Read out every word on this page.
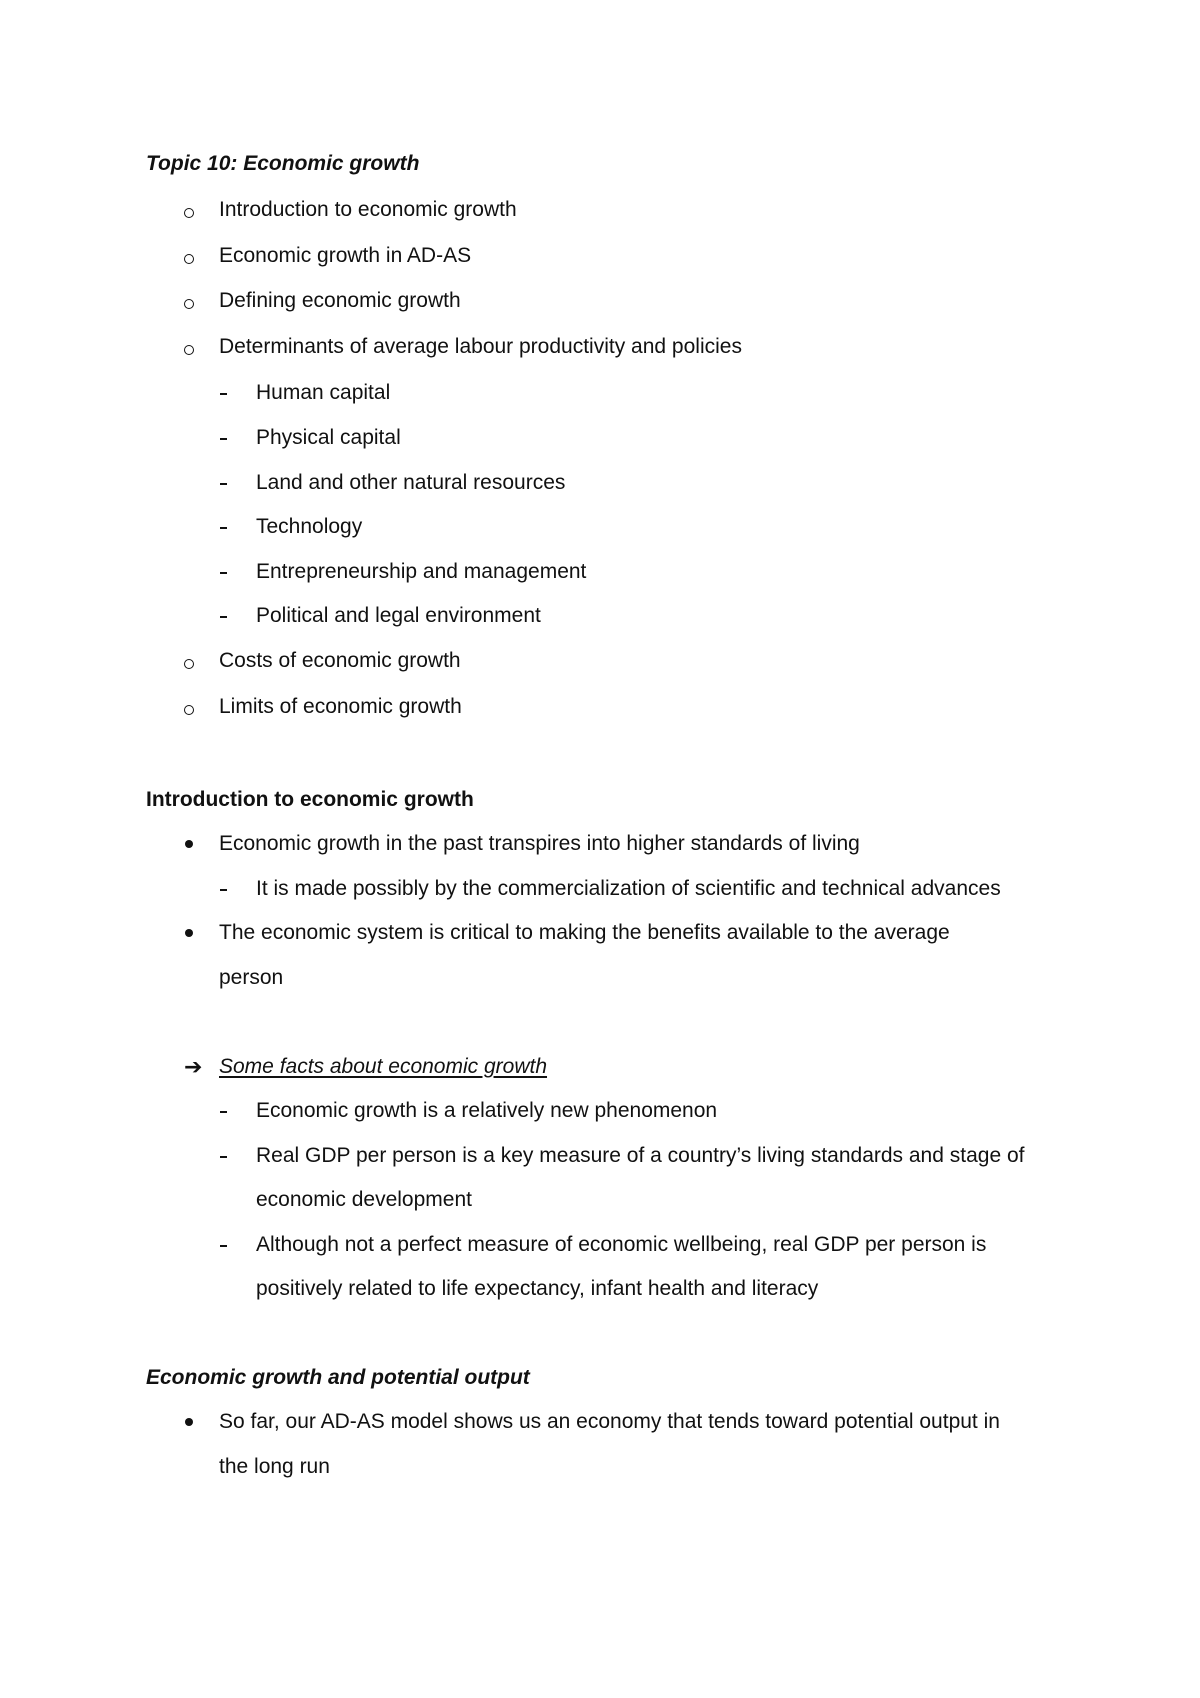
Topic 10: Economic growth
Introduction to economic growth
Economic growth in AD-AS
Defining economic growth
Determinants of average labour productivity and policies
Human capital
Physical capital
Land and other natural resources
Technology
Entrepreneurship and management
Political and legal environment
Costs of economic growth
Limits of economic growth
Introduction to economic growth
Economic growth in the past transpires into higher standards of living
It is made possibly by the commercialization of scientific and technical advances
The economic system is critical to making the benefits available to the average
person
➔ Some facts about economic growth
Economic growth is a relatively new phenomenon
Real GDP per person is a key measure of a country’s living standards and stage of
economic development
Although not a perfect measure of economic wellbeing, real GDP per person is
positively related to life expectancy, infant health and literacy
Economic growth and potential output
So far, our AD-AS model shows us an economy that tends toward potential output in
the long run
